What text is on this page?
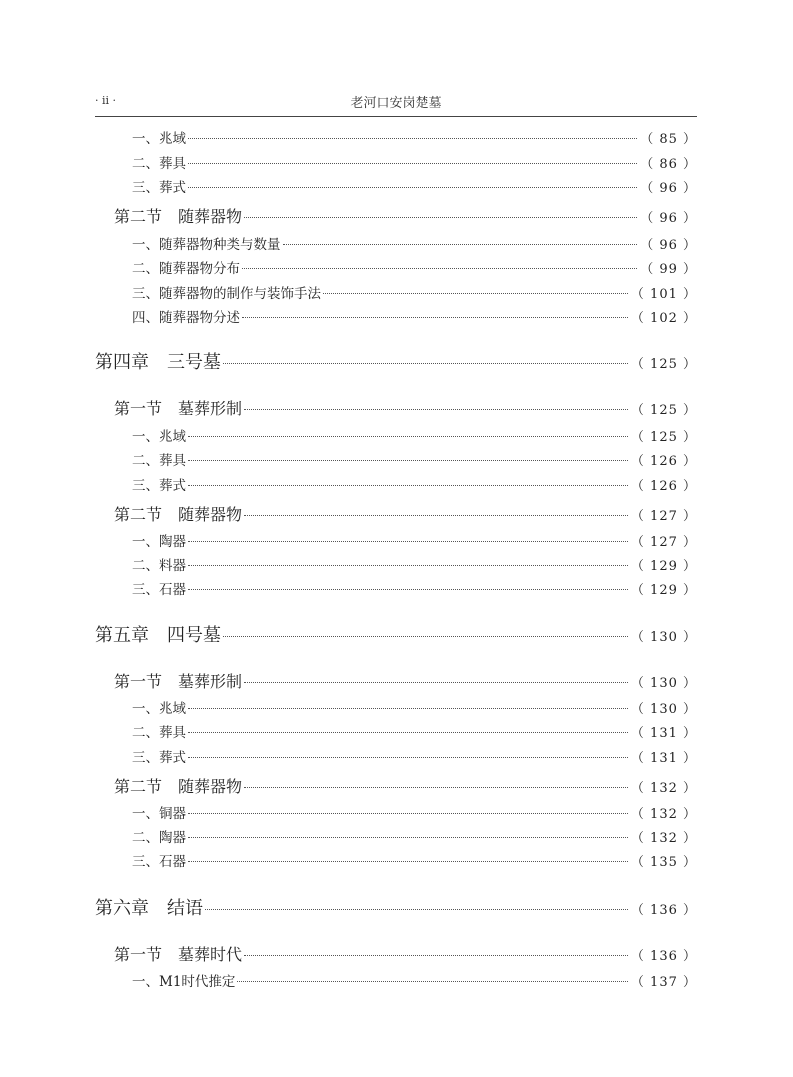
· ii ·	老河口安岗楚墓
一、兆域	（ 85 ）
二、葬具	（ 86 ）
三、葬式	（ 96 ）
第二节　随葬器物	（ 96 ）
一、随葬器物种类与数量	（ 96 ）
二、随葬器物分布	（ 99 ）
三、随葬器物的制作与装饰手法	（ 101 ）
四、随葬器物分述	（ 102 ）
第四章　三号墓	（ 125 ）
第一节　墓葬形制	（ 125 ）
一、兆域	（ 125 ）
二、葬具	（ 126 ）
三、葬式	（ 126 ）
第二节　随葬器物	（ 127 ）
一、陶器	（ 127 ）
二、料器	（ 129 ）
三、石器	（ 129 ）
第五章　四号墓	（ 130 ）
第一节　墓葬形制	（ 130 ）
一、兆域	（ 130 ）
二、葬具	（ 131 ）
三、葬式	（ 131 ）
第二节　随葬器物	（ 132 ）
一、铜器	（ 132 ）
二、陶器	（ 132 ）
三、石器	（ 135 ）
第六章　结语	（ 136 ）
第一节　墓葬时代	（ 136 ）
一、M1时代推定	（ 137 ）
